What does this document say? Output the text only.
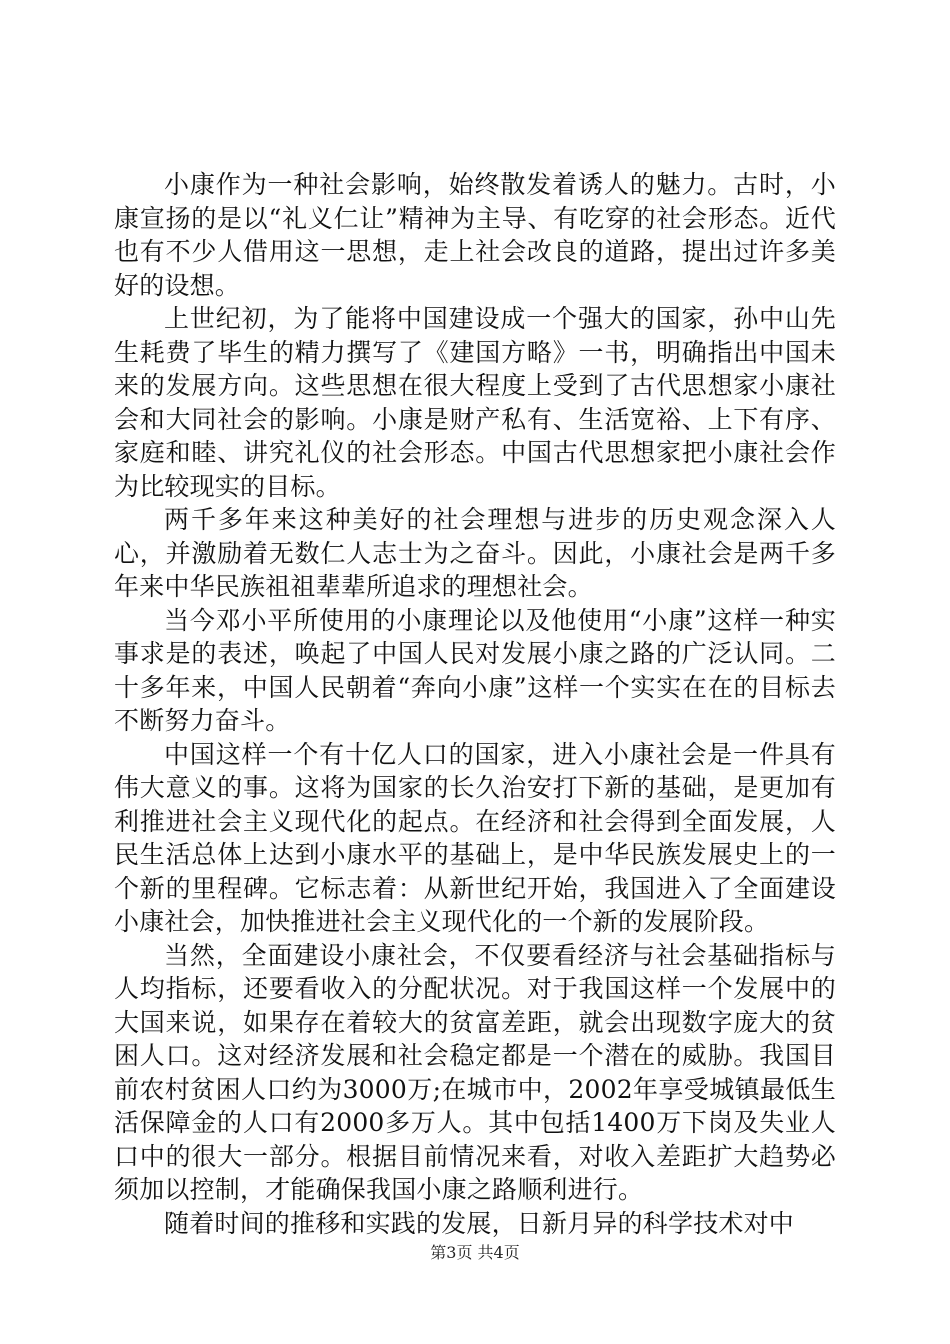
小康作为一种社会影响，始终散发着诱人的魅力。古时，小康宣扬的是以“礼义仁让”精神为主导、有吃穿的社会形态。近代也有不少人借用这一思想，走上社会改良的道路，提出过许多美好的设想。

上世纪初，为了能将中国建设成一个强大的国家，孙中山先生耗费了毕生的精力撰写了《建国方略》一书，明确指出中国未来的发展方向。这些思想在很大程度上受到了古代思想家小康社会和大同社会的影响。小康是财产私有、生活宽裕、上下有序、家庭和睦、讲究礼仪的社会形态。中国古代思想家把小康社会作为比较现实的目标。

两千多年来这种美好的社会理想与进步的历史观念深入人心，并激励着无数仁人志士为之奋斗。因此，小康社会是两千多年来中华民族祖祖辈辈所追求的理想社会。

当今邓小平所使用的小康理论以及他使用“小康”这样一种实事求是的表述，唤起了中国人民对发展小康之路的广泛认同。二十多年来，中国人民朝着“奔向小康”这样一个实实在在的目标去不断努力奋斗。

中国这样一个有十亿人口的国家，进入小康社会是一件具有伟大意义的事。这将为国家的长久治安打下新的基础，是更加有利推进社会主义现代化的起点。在经济和社会得到全面发展，人民生活总体上达到小康水平的基础上，是中华民族发展史上的一个新的里程碑。它标志着：从新世纪开始，我国进入了全面建设小康社会，加快推进社会主义现代化的一个新的发展阶段。

当然，全面建设小康社会，不仅要看经济与社会基础指标与人均指标，还要看收入的分配状况。对于我国这样一个发展中的大国来说，如果存在着较大的贫富差距，就会出现数字庞大的贫困人口。这对经济发展和社会稳定都是一个潜在的威胁。我国目前农村贫困人口约为3000万;在城市中，2002年享受城镇最低生活保障金的人口有2000多万人。其中包括1400万下岗及失业人口中的很大一部分。根据目前情况来看，对收入差距扩大趋势必须加以控制，才能确保我国小康之路顺利进行。

随着时间的推移和实践的发展，日新月异的科学技术对中

第3页 共4页
